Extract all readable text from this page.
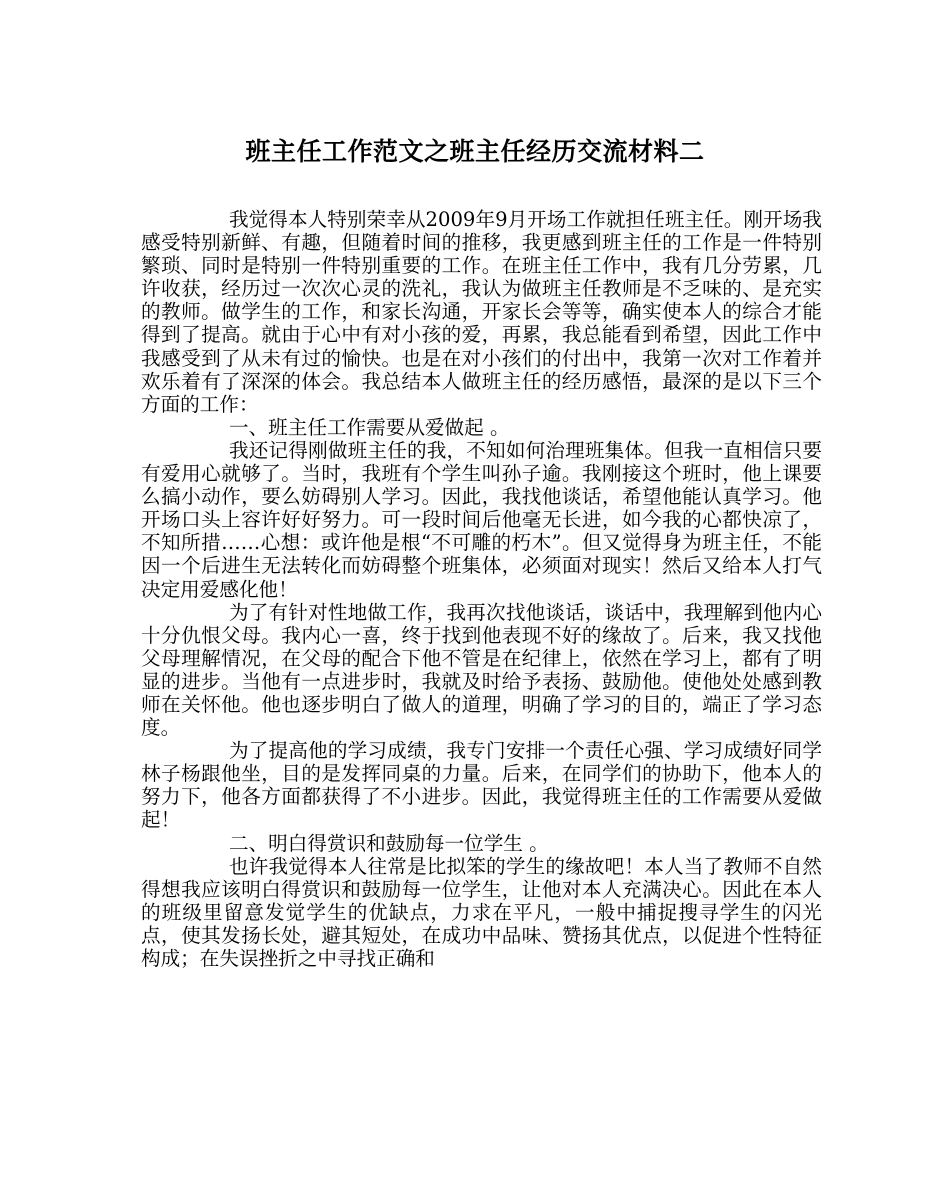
班主任工作范文之班主任经历交流材料二

我觉得本人特别荣幸从2009年9月开场工作就担任班主任。刚开场我感受特别新鲜、有趣，但随着时间的推移，我更感到班主任的工作是一件特别繁琐、同时是特别一件特别重要的工作。在班主任工作中，我有几分劳累，几许收获，经历过一次次心灵的洗礼，我认为做班主任教师是不乏味的、是充实的教师。做学生的工作，和家长沟通，开家长会等等，确实使本人的综合才能得到了提高。就由于心中有对小孩的爱，再累，我总能看到希望，因此工作中我感受到了从未有过的愉快。也是在对小孩们的付出中，我第一次对工作着并欢乐着有了深深的体会。我总结本人做班主任的经历感悟，最深的是以下三个方面的工作：

一、班主任工作需要从爱做起 。

我还记得刚做班主任的我，不知如何治理班集体。但我一直相信只要有爱用心就够了。当时，我班有个学生叫孙子逾。我刚接这个班时，他上课要么搞小动作，要么妨碍别人学习。因此，我找他谈话，希望他能认真学习。他开场口头上容许好好努力。可一段时间后他毫无长进，如今我的心都快凉了，不知所措……心想：或许他是根“不可雕的朽木”。但又觉得身为班主任，不能因一个后进生无法转化而妨碍整个班集体，必须面对现实！然后又给本人打气决定用爱感化他！

为了有针对性地做工作，我再次找他谈话，谈话中，我理解到他内心十分仇恨父母。我内心一喜，终于找到他表现不好的缘故了。后来，我又找他父母理解情况，在父母的配合下他不管是在纪律上，依然在学习上，都有了明显的进步。当他有一点进步时，我就及时给予表扬、鼓励他。使他处处感到教师在关怀他。他也逐步明白了做人的道理，明确了学习的目的，端正了学习态度。

为了提高他的学习成绩，我专门安排一个责任心强、学习成绩好同学林子杨跟他坐，目的是发挥同桌的力量。后来，在同学们的协助下，他本人的努力下，他各方面都获得了不小进步。因此，我觉得班主任的工作需要从爱做起！

二、明白得赏识和鼓励每一位学生 。

也许我觉得本人往常是比拟笨的学生的缘故吧！本人当了教师不自然得想我应该明白得赏识和鼓励每一位学生，让他对本人充满决心。因此在本人的班级里留意发觉学生的优缺点，力求在平凡，一般中捕捉搜寻学生的闪光点，使其发扬长处，避其短处，在成功中品味、赞扬其优点，以促进个性特征构成；在失误挫折之中寻找正确和
